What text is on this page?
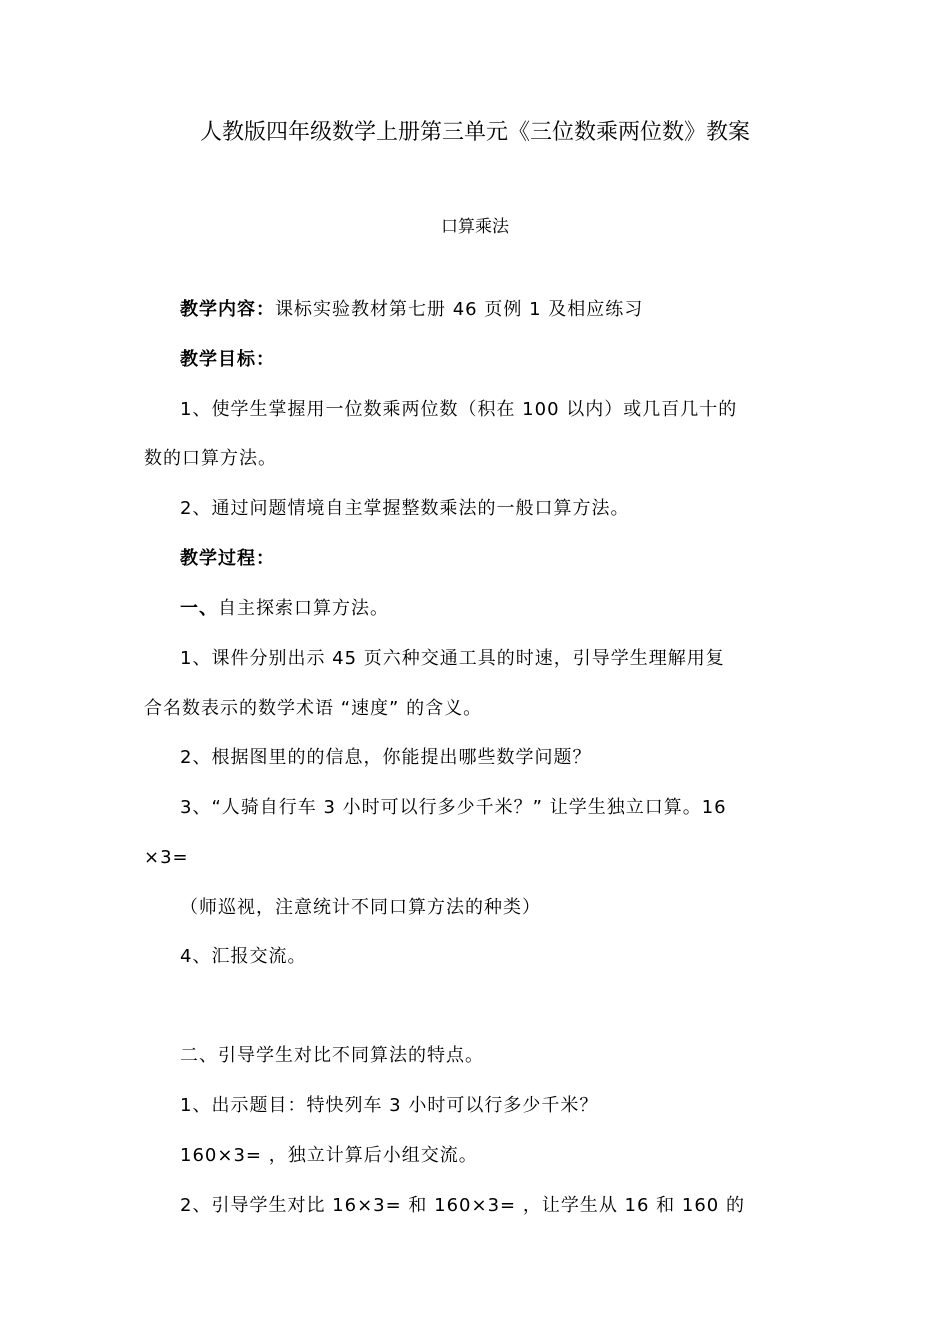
人教版四年级数学上册第三单元《三位数乘两位数》教案
口算乘法
教学内容：课标实验教材第七册 46 页例 1 及相应练习
教学目标：
1、使学生掌握用一位数乘两位数（积在 100 以内）或几百几十的
数的口算方法。
2、通过问题情境自主掌握整数乘法的一般口算方法。
教学过程：
一、自主探索口算方法。
1、课件分别出示 45 页六种交通工具的时速，引导学生理解用复
合名数表示的数学术语 “速度” 的含义。
2、根据图里的的信息，你能提出哪些数学问题？
3、“人骑自行车 3 小时可以行多少千米？” 让学生独立口算。16
×3=
（师巡视，注意统计不同口算方法的种类）
4、汇报交流。
二、引导学生对比不同算法的特点。
1、出示题目：特快列车 3 小时可以行多少千米？
160×3= ，独立计算后小组交流。
2、引导学生对比 16×3= 和 160×3= ，让学生从 16 和 160 的
